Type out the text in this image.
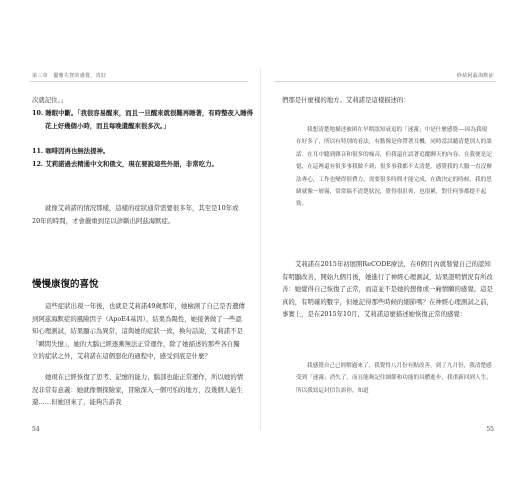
第三章　優雅失智的感覺，真好

次就記住。」

10. 睡眠中斷。「我很容易醒來，而且一旦醒來就很難再睡著，有時整夜入睡得花上好幾個小時，而且每晚還醒來很多次。」

11. 咖啡因再也無法提神。

12. 艾莉諾過去精通中文和俄文，現在要說這些外語，非常吃力。

就像艾莉諾的情況那樣，這樣的症狀通常需要很多年，其至是10年或20年的時間，才會嚴重到足以診斷出阿茲海默症。

慢慢康復的喜悅

這些症狀出現一年後，也就是艾莉諾49歲那年，她檢測了自己是否遺傳到阿茲海默症的風險因子（ApoE4基因），結果為陽性，她接著做了一些認知心理測試，結果顯示為異常，這與她的症狀一致，換句話說，艾莉諾不是「瞬間失憶」，她的大腦已經逐漸無法正常運作，除了她描述的那些各自獨立的症狀之外，艾莉諾在這個惡化的過程中，感受到底是什麼？

她現在已經恢復了思考、記憶的能力，腦部也能正常運作，所以她的情況非常有意義：她就像個探險家，冒險深入一個可怕的地方，沒幾個人能生還……但她回來了，能夠告訴我

54
終結阿茲海默症

們那是什麼樣的地方。艾莉諾是這樣描述的：

我想清楚地描述被困在早期認知衰退的「迷霧」中是什麼感覺——因為我現在好多了，所以有特別的看法，有點像是你帶著耳機，同時當試聽清楚別人的談話：在耳中聽到雜音和很多的噪音，但我還在試著追蹤聊天的內容。在我便是記憶，在這裡還有很多事我做不到；很多事我都不太清楚。感覺我的大腦一直沒辦法專心，工作也變得很費力，需要很多時間才能完成，在做決定的時候，我的思緒就像一層霧，常常搞不清楚狀況，覺得很沮喪，也很累，對任何事都提不起勁。

艾莉諾在2015年初展開ReCODE療法，在6個月內就發覺自己的認知有明顯改善，開始九個月後，她進行了神經心理測試，結果證明情況有所改善：她覺得自己恢復了正常，而這並不是她的想像或一廂情願的感覺。這是真的，有明確的數字，但她記得那些時候的細節嗎？在神經心理測試之前，事實上，是在2015年10月，艾莉諾這麼描述她恢復正常的感覺：

我感覺自己已經解過來了，我覺得八月份有點改善，到了九月份，我清楚感受到「迷霧」消失了，而且能夠記住細節和功能的具體進步，我重新回到人生，所以我寫這封信告訴你，知道

55
